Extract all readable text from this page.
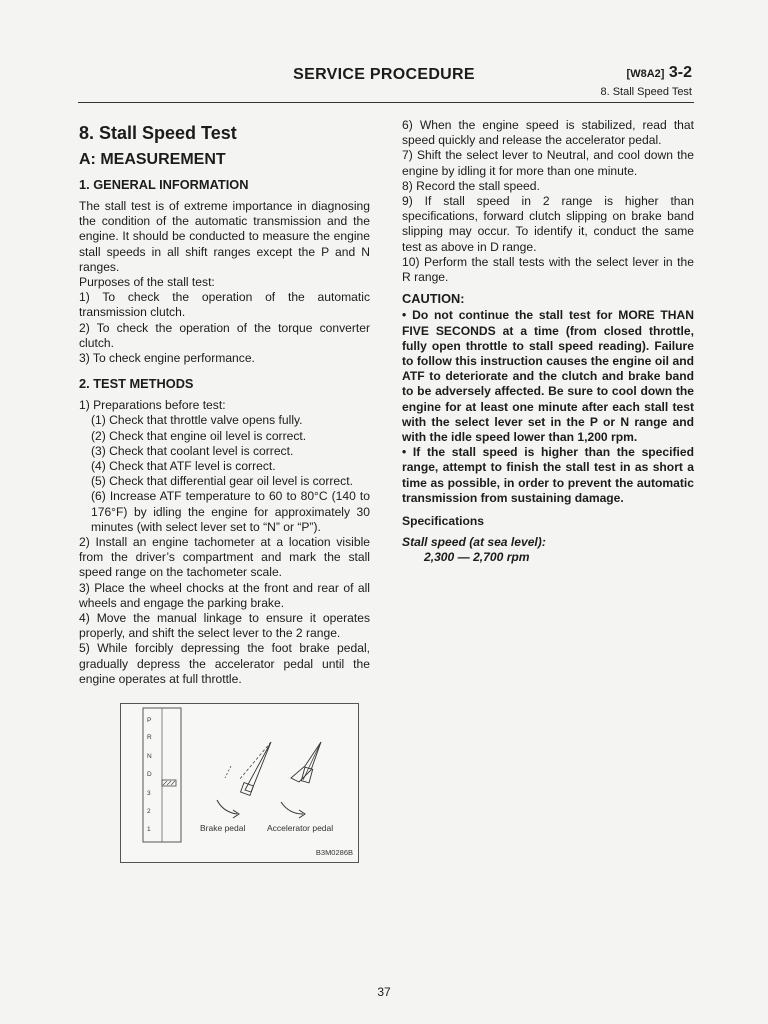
SERVICE PROCEDURE	[W8A2] 3-2
8. Stall Speed Test
8. Stall Speed Test
A: MEASUREMENT
1. GENERAL INFORMATION

The stall test is of extreme importance in diagnosing the condition of the automatic transmission and the engine. It should be conducted to measure the engine stall speeds in all shift ranges except the P and N ranges.

Purposes of the stall test:

1) To check the operation of the automatic transmission clutch.

2) To check the operation of the torque converter clutch.

3) To check engine performance.

2. TEST METHODS

1) Preparations before test:

(1) Check that throttle valve opens fully.

(2) Check that engine oil level is correct.

(3) Check that coolant level is correct.

(4) Check that ATF level is correct.

(5) Check that differential gear oil level is correct.

(6) Increase ATF temperature to 60 to 80°C (140 to 176°F) by idling the engine for approximately 30 minutes (with select lever set to “N” or “P”).

2) Install an engine tachometer at a location visible from the driver’s compartment and mark the stall speed range on the tachometer scale.

3) Place the wheel chocks at the front and rear of all wheels and engage the parking brake.

4) Move the manual linkage to ensure it operates properly, and shift the select lever to the 2 range.

5) While forcibly depressing the foot brake pedal, gradually depress the accelerator pedal until the engine operates at full throttle.

6) When the engine speed is stabilized, read that speed quickly and release the accelerator pedal.

7) Shift the select lever to Neutral, and cool down the engine by idling it for more than one minute.

8) Record the stall speed.

9) If stall speed in 2 range is higher than specifications, forward clutch slipping on brake band slipping may occur. To identify it, conduct the same test as above in D range.

10) Perform the stall tests with the select lever in the R range.

CAUTION:

• Do not continue the stall test for MORE THAN FIVE SECONDS at a time (from closed throttle, fully open throttle to stall speed reading). Failure to follow this instruction causes the engine oil and ATF to deteriorate and the clutch and brake band to be adversely affected. Be sure to cool down the engine for at least one minute after each stall test with the select lever set in the P or N range and with the idle speed lower than 1,200 rpm.

• If the stall speed is higher than the specified range, attempt to finish the stall test in as short a time as possible, in order to prevent the automatic transmission from sustaining damage.

Specifications
Stall speed (at sea level):
2,300 — 2,700 rpm
P
R
N
D
3
2
1	Brake pedal	Accelerator pedal
B3M0286B
37
